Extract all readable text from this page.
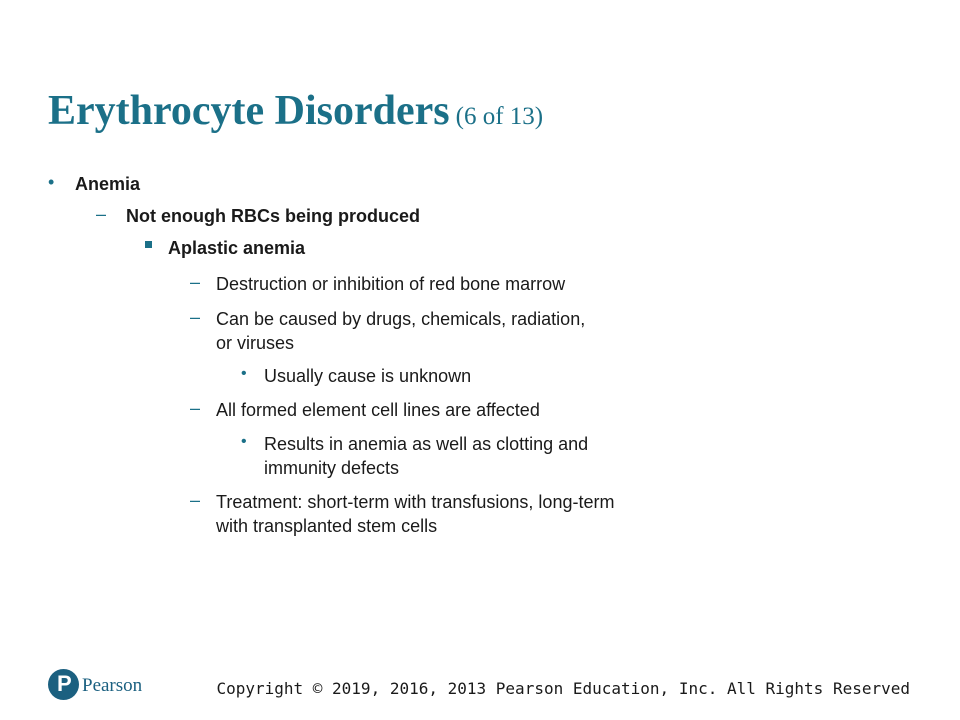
Erythrocyte Disorders (6 of 13)
• Anemia
– Not enough RBCs being produced
Aplastic anemia
– Destruction or inhibition of red bone marrow
– Can be caused by drugs, chemicals, radiation,
or viruses
• Usually cause is unknown
– All formed element cell lines are affected
• Results in anemia as well as clotting and
immunity defects
– Treatment: short-term with transfusions, long-term
with transplanted stem cells
P Pearson	Copyright © 2019, 2016, 2013 Pearson Education, Inc. All Rights Reserved
